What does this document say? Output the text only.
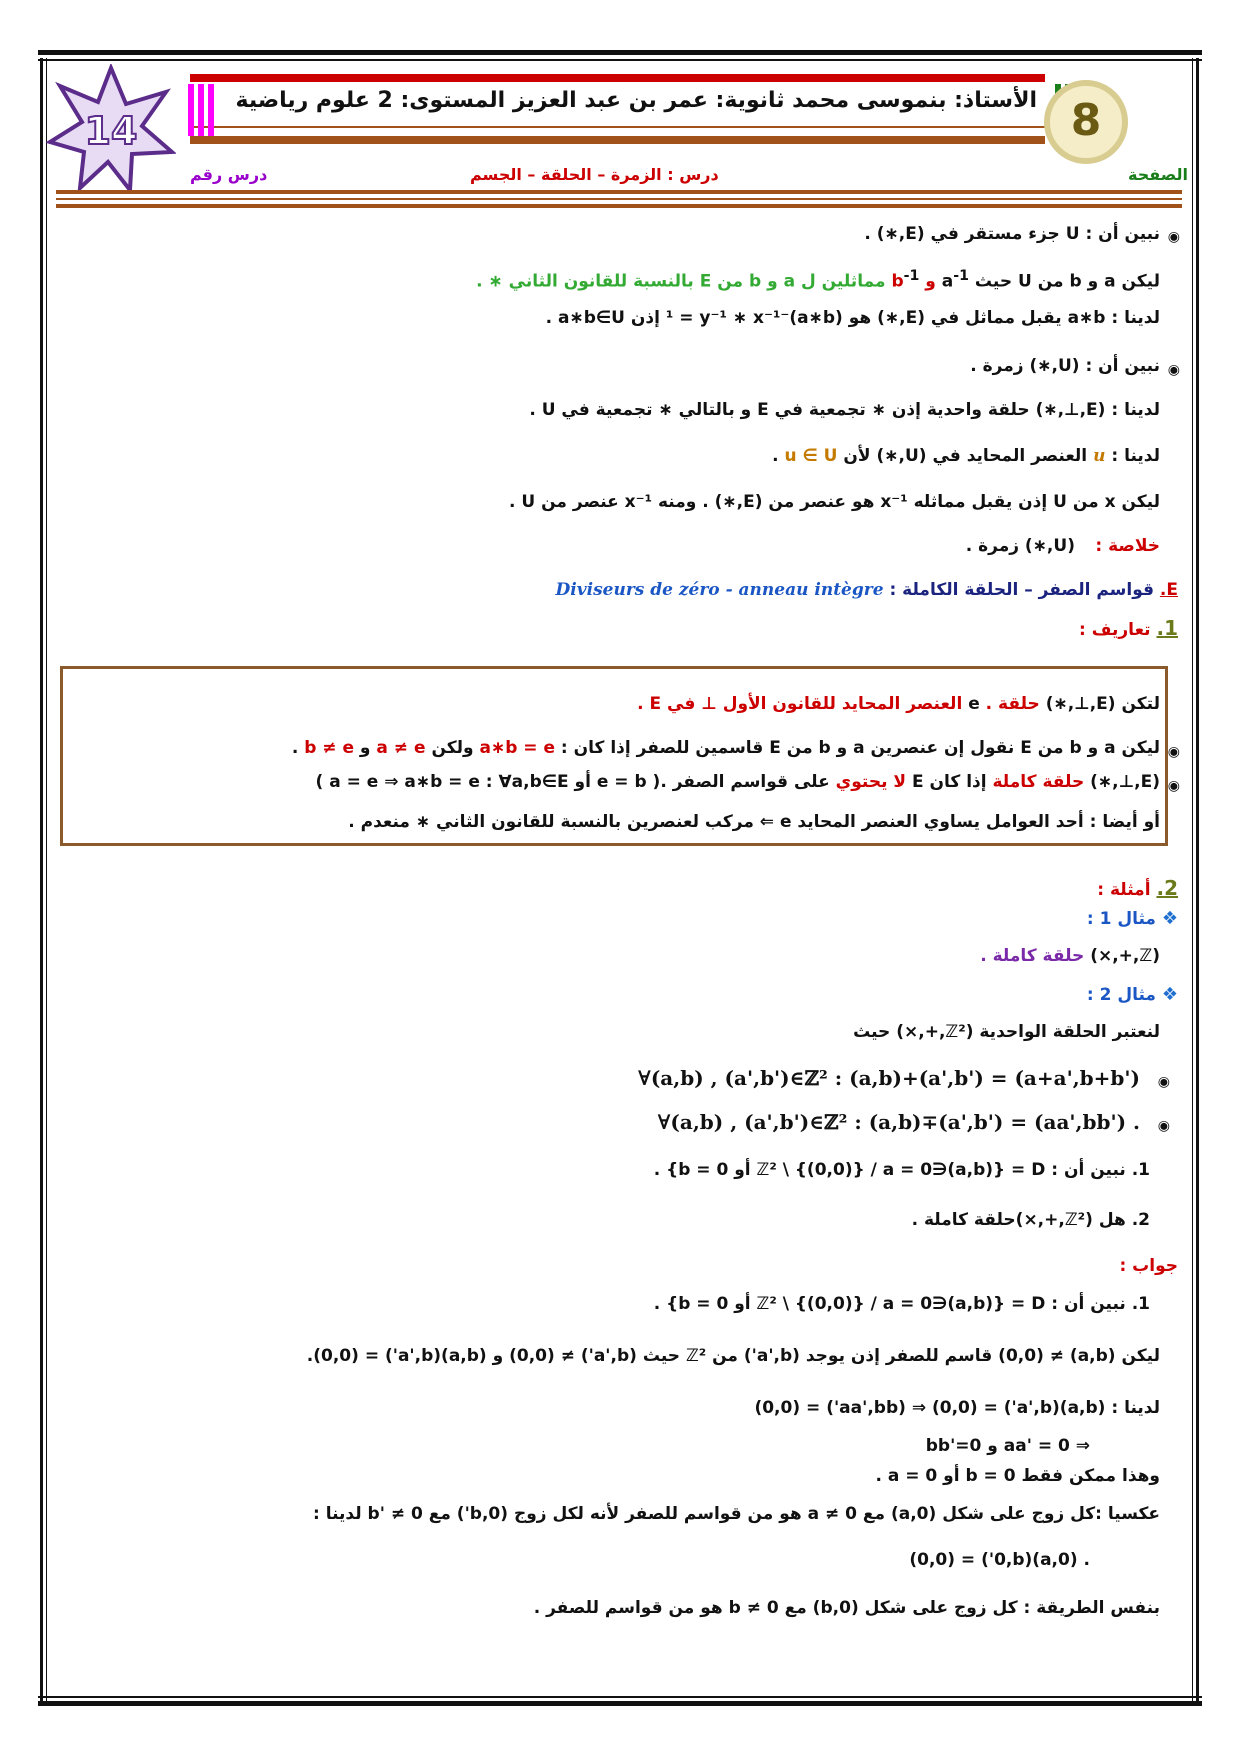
14
الأستاذ: بنموسى محمد ثانوية: عمر بن عبد العزيز المستوى: 2 علوم رياضية 8
الصفحة
درس : الزمرة – الحلقة – الجسم
درس رقم
◉
نبين أن : U جزء مستقر في (E,∗) .
ليكن a و b من U حيث $a^{-1}$ و $b^{-1}$ مماثلين ل a و b من E بالنسبة للقانون الثاني ∗ .
لدينا : a∗b يقبل مماثل في (E,∗) هو (a∗b)⁻¹ = y⁻¹ ∗ x⁻¹ إذن a∗b∈U .
◉
نبين أن : (U,∗) زمرة .
لدينا : (E,⊥,∗) حلقة واحدية إذن ∗ تجمعية في E و بالتالي ∗ تجمعية في U .
لدينا : u العنصر المحايد في (U,∗) لأن u ∈ U .
ليكن x من U إذن يقبل مماثله x⁻¹ هو عنصر من (E,∗) . ومنه x⁻¹ عنصر من U .
خلاصة :
(U,∗) زمرة .
E. قواسم الصفر – الحلقة الكاملة : Diviseurs de zéro - anneau intègre
1. تعاريف :
لتكن (E,⊥,∗) حلقة . e العنصر المحايد للقانون الأول ⊥ في E .
◉
ليكن a و b من E نقول إن عنصرين a و b من E قاسمين للصفر إذا كان : a∗b = e ولكن a ≠ e و b ≠ e .
◉
(E,⊥,∗) حلقة كاملة إذا كان E لا يحتوي على قواسم الصفر .( e = b أو a = e ⇒ a∗b = e : ∀a,b∈E )
أو أيضا : أحد العوامل يساوي العنصر المحايد e ⇐ مركب لعنصرين بالنسبة للقانون الثاني ∗ منعدم .
2. أمثلة :
❖ مثال 1 :
(ℤ,+,×) حلقة كاملة .
❖ مثال 2 :
لنعتبر الحلقة الواحدية (ℤ²,+,×) حيث
◉
∀(a,b) , (a',b')∈ℤ² : (a,b)+(a',b') = (a+a',b+b')
◉
∀(a,b) , (a',b')∈ℤ² : (a,b)∓(a',b') = (aa',bb') .
1. نبين أن : D = {(a,b)∈ℤ² \ {(0,0)} / a = 0 أو b = 0} .
2. هل (ℤ²,+,×)حلقة كاملة .
جواب :
1. نبين أن : D = {(a,b)∈ℤ² \ {(0,0)} / a = 0 أو b = 0} .
ليكن (a,b) ≠ (0,0) قاسم للصفر إذن يوجد (a',b') من ℤ² حيث (a',b') ≠ (0,0) و (a,b)(a',b') = (0,0).
لدينا : (a,b)(a',b') = (0,0) ⇒ (aa',bb') = (0,0)
⇒ aa' = 0 و bb'=0
وهذا ممكن فقط b = 0 أو a = 0 .
عكسيا :كل زوج على شكل (a,0) مع a ≠ 0 هو من قواسم للصفر لأنه لكل زوج (0,b') مع b' ≠ 0 لدينا :
. (a,0)(0,b') = (0,0)
بنفس الطريقة : كل زوج على شكل (0,b) مع b ≠ 0 هو من قواسم للصفر .
